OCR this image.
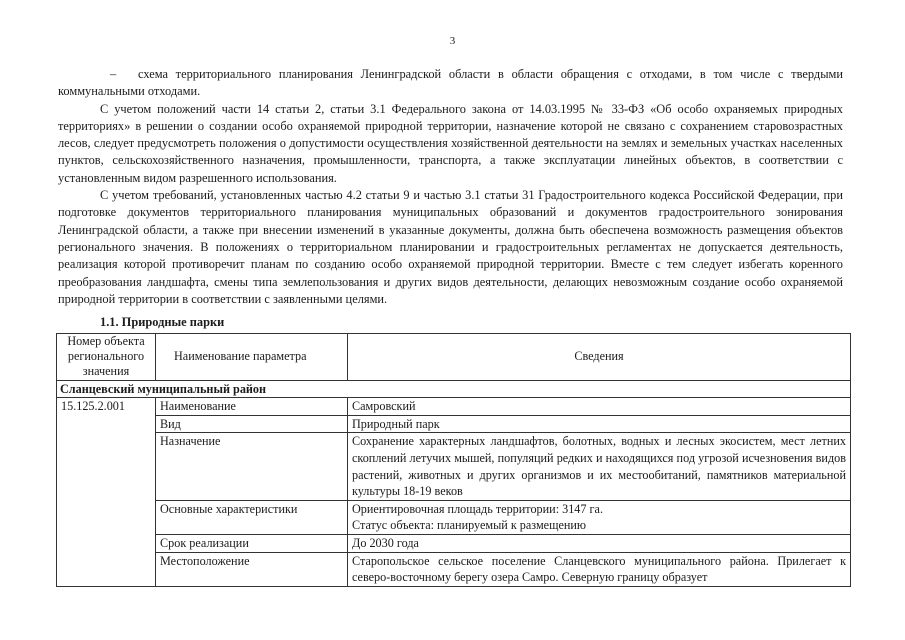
3

– схема территориального планирования Ленинградской области в области обращения с отходами, в том числе с твердыми коммунальными отходами.

С учетом положений части 14 статьи 2, статьи 3.1 Федерального закона от 14.03.1995 № 33-ФЗ «Об особо охраняемых природных территориях» в решении о создании особо охраняемой природной территории, назначение которой не связано с сохранением старовозрастных лесов, следует предусмотреть положения о допустимости осуществления хозяйственной деятельности на землях и земельных участках населенных пунктов, сельскохозяйственного назначения, промышленности, транспорта, а также эксплуатации линейных объектов, в соответствии с установленным видом разрешенного использования.

С учетом требований, установленных частью 4.2 статьи 9 и частью 3.1 статьи 31 Градостроительного кодекса Российской Федерации, при подготовке документов территориального планирования муниципальных образований и документов градостроительного зонирования Ленинградской области, а также при внесении изменений в указанные документы, должна быть обеспечена возможность размещения объектов регионального значения. В положениях о территориальном планировании и градостроительных регламентах не допускается деятельность, реализация которой противоречит планам по созданию особо охраняемой природной территории. Вместе с тем следует избегать коренного преобразования ландшафта, смены типа землепользования и других видов деятельности, делающих невозможным создание особо охраняемой природной территории в соответствии с заявленными целями.

1.1. Природные парки
Номер объекта регионального значения	Наименование параметра	Сведения
Сланцевский муниципальный район		
15.125.2.001	Наименование	Самровский
	Вид	Природный парк
	Назначение	Сохранение характерных ландшафтов, болотных, водных и лесных экосистем, мест летних скоплений летучих мышей, популяций редких и находящихся под угрозой исчезновения видов растений, животных и других организмов и их местообитаний, памятников материальной культуры 18-19 веков
	Основные характеристики	Ориентировочная площадь территории: 3147 га.
Статус объекта: планируемый к размещению

	Срок реализации	До 2030 года
	Местоположение	Старопольское сельское поселение Сланцевского муниципального района. Прилегает к северо-восточному берегу озера Самро. Северную границу образует
